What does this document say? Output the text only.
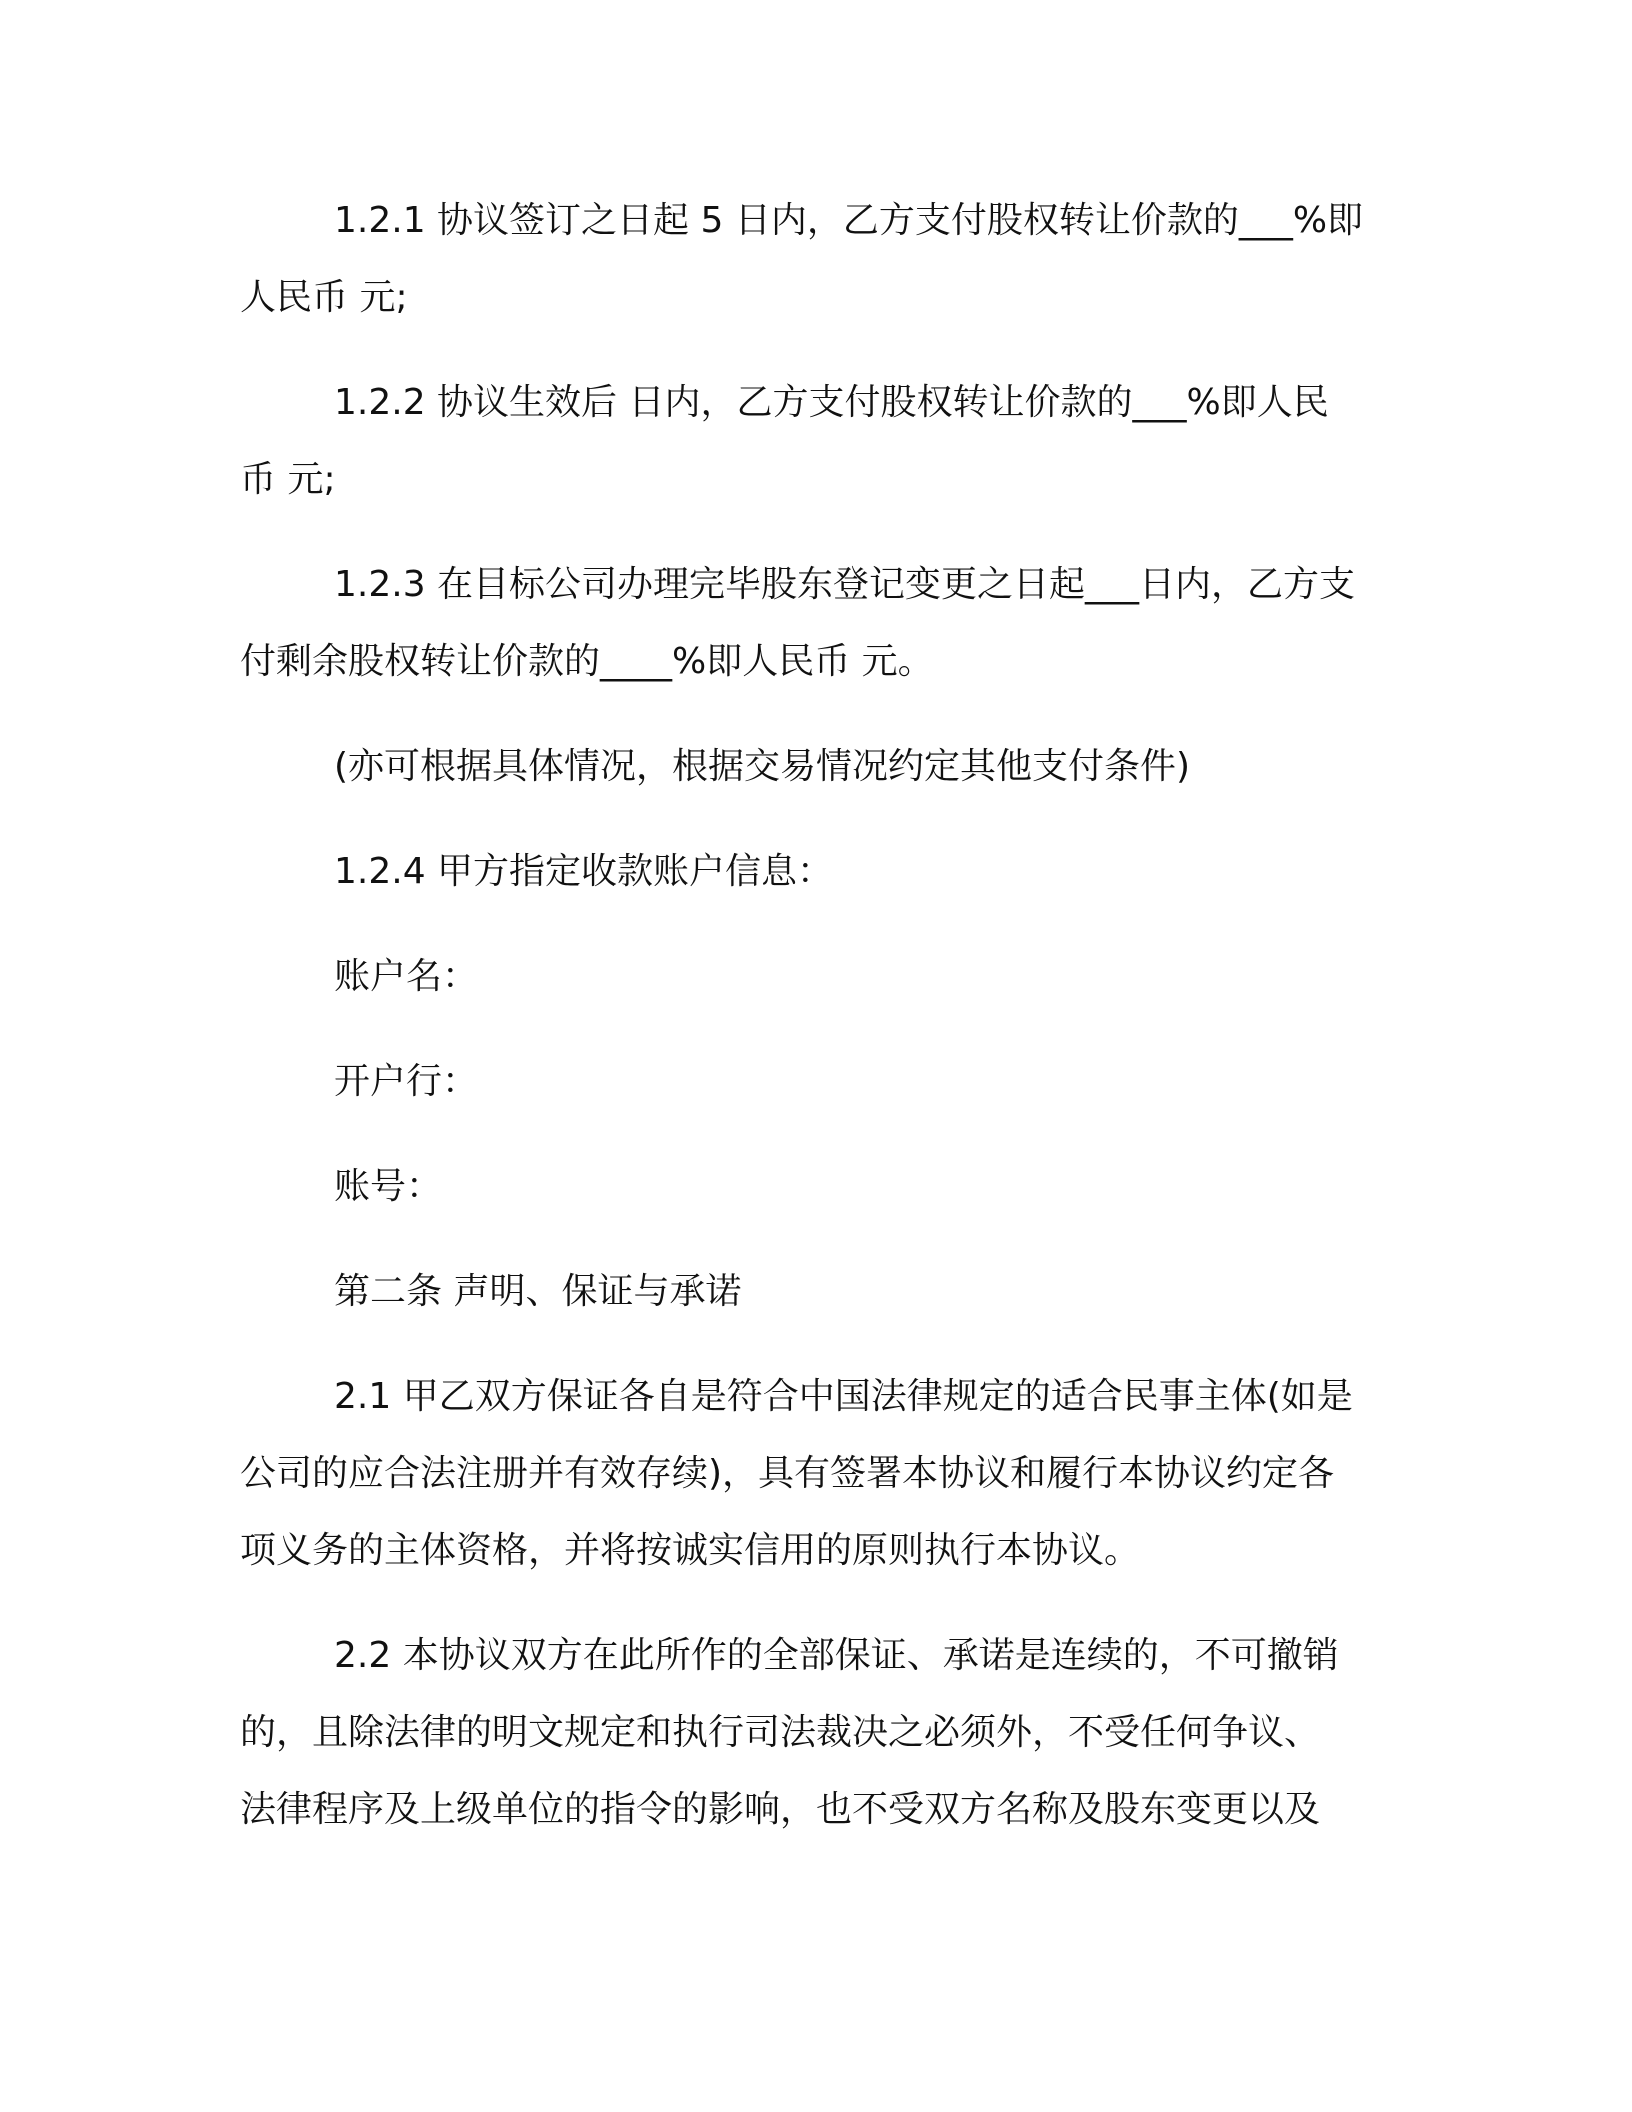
1.2.1 协议签订之日起 5 日内，乙方支付股权转让价款的___%即
人民币 元;
1.2.2 协议生效后 日内，乙方支付股权转让价款的___%即人民
币 元;
1.2.3 在目标公司办理完毕股东登记变更之日起___日内，乙方支
付剩余股权转让价款的____%即人民币 元。
(亦可根据具体情况，根据交易情况约定其他支付条件)
1.2.4 甲方指定收款账户信息：
账户名：
开户行：
账号：
第二条 声明、保证与承诺
2.1 甲乙双方保证各自是符合中国法律规定的适合民事主体(如是
公司的应合法注册并有效存续)，具有签署本协议和履行本协议约定各
项义务的主体资格，并将按诚实信用的原则执行本协议。
2.2 本协议双方在此所作的全部保证、承诺是连续的，不可撤销
的，且除法律的明文规定和执行司法裁决之必须外，不受任何争议、
法律程序及上级单位的指令的影响，也不受双方名称及股东变更以及
